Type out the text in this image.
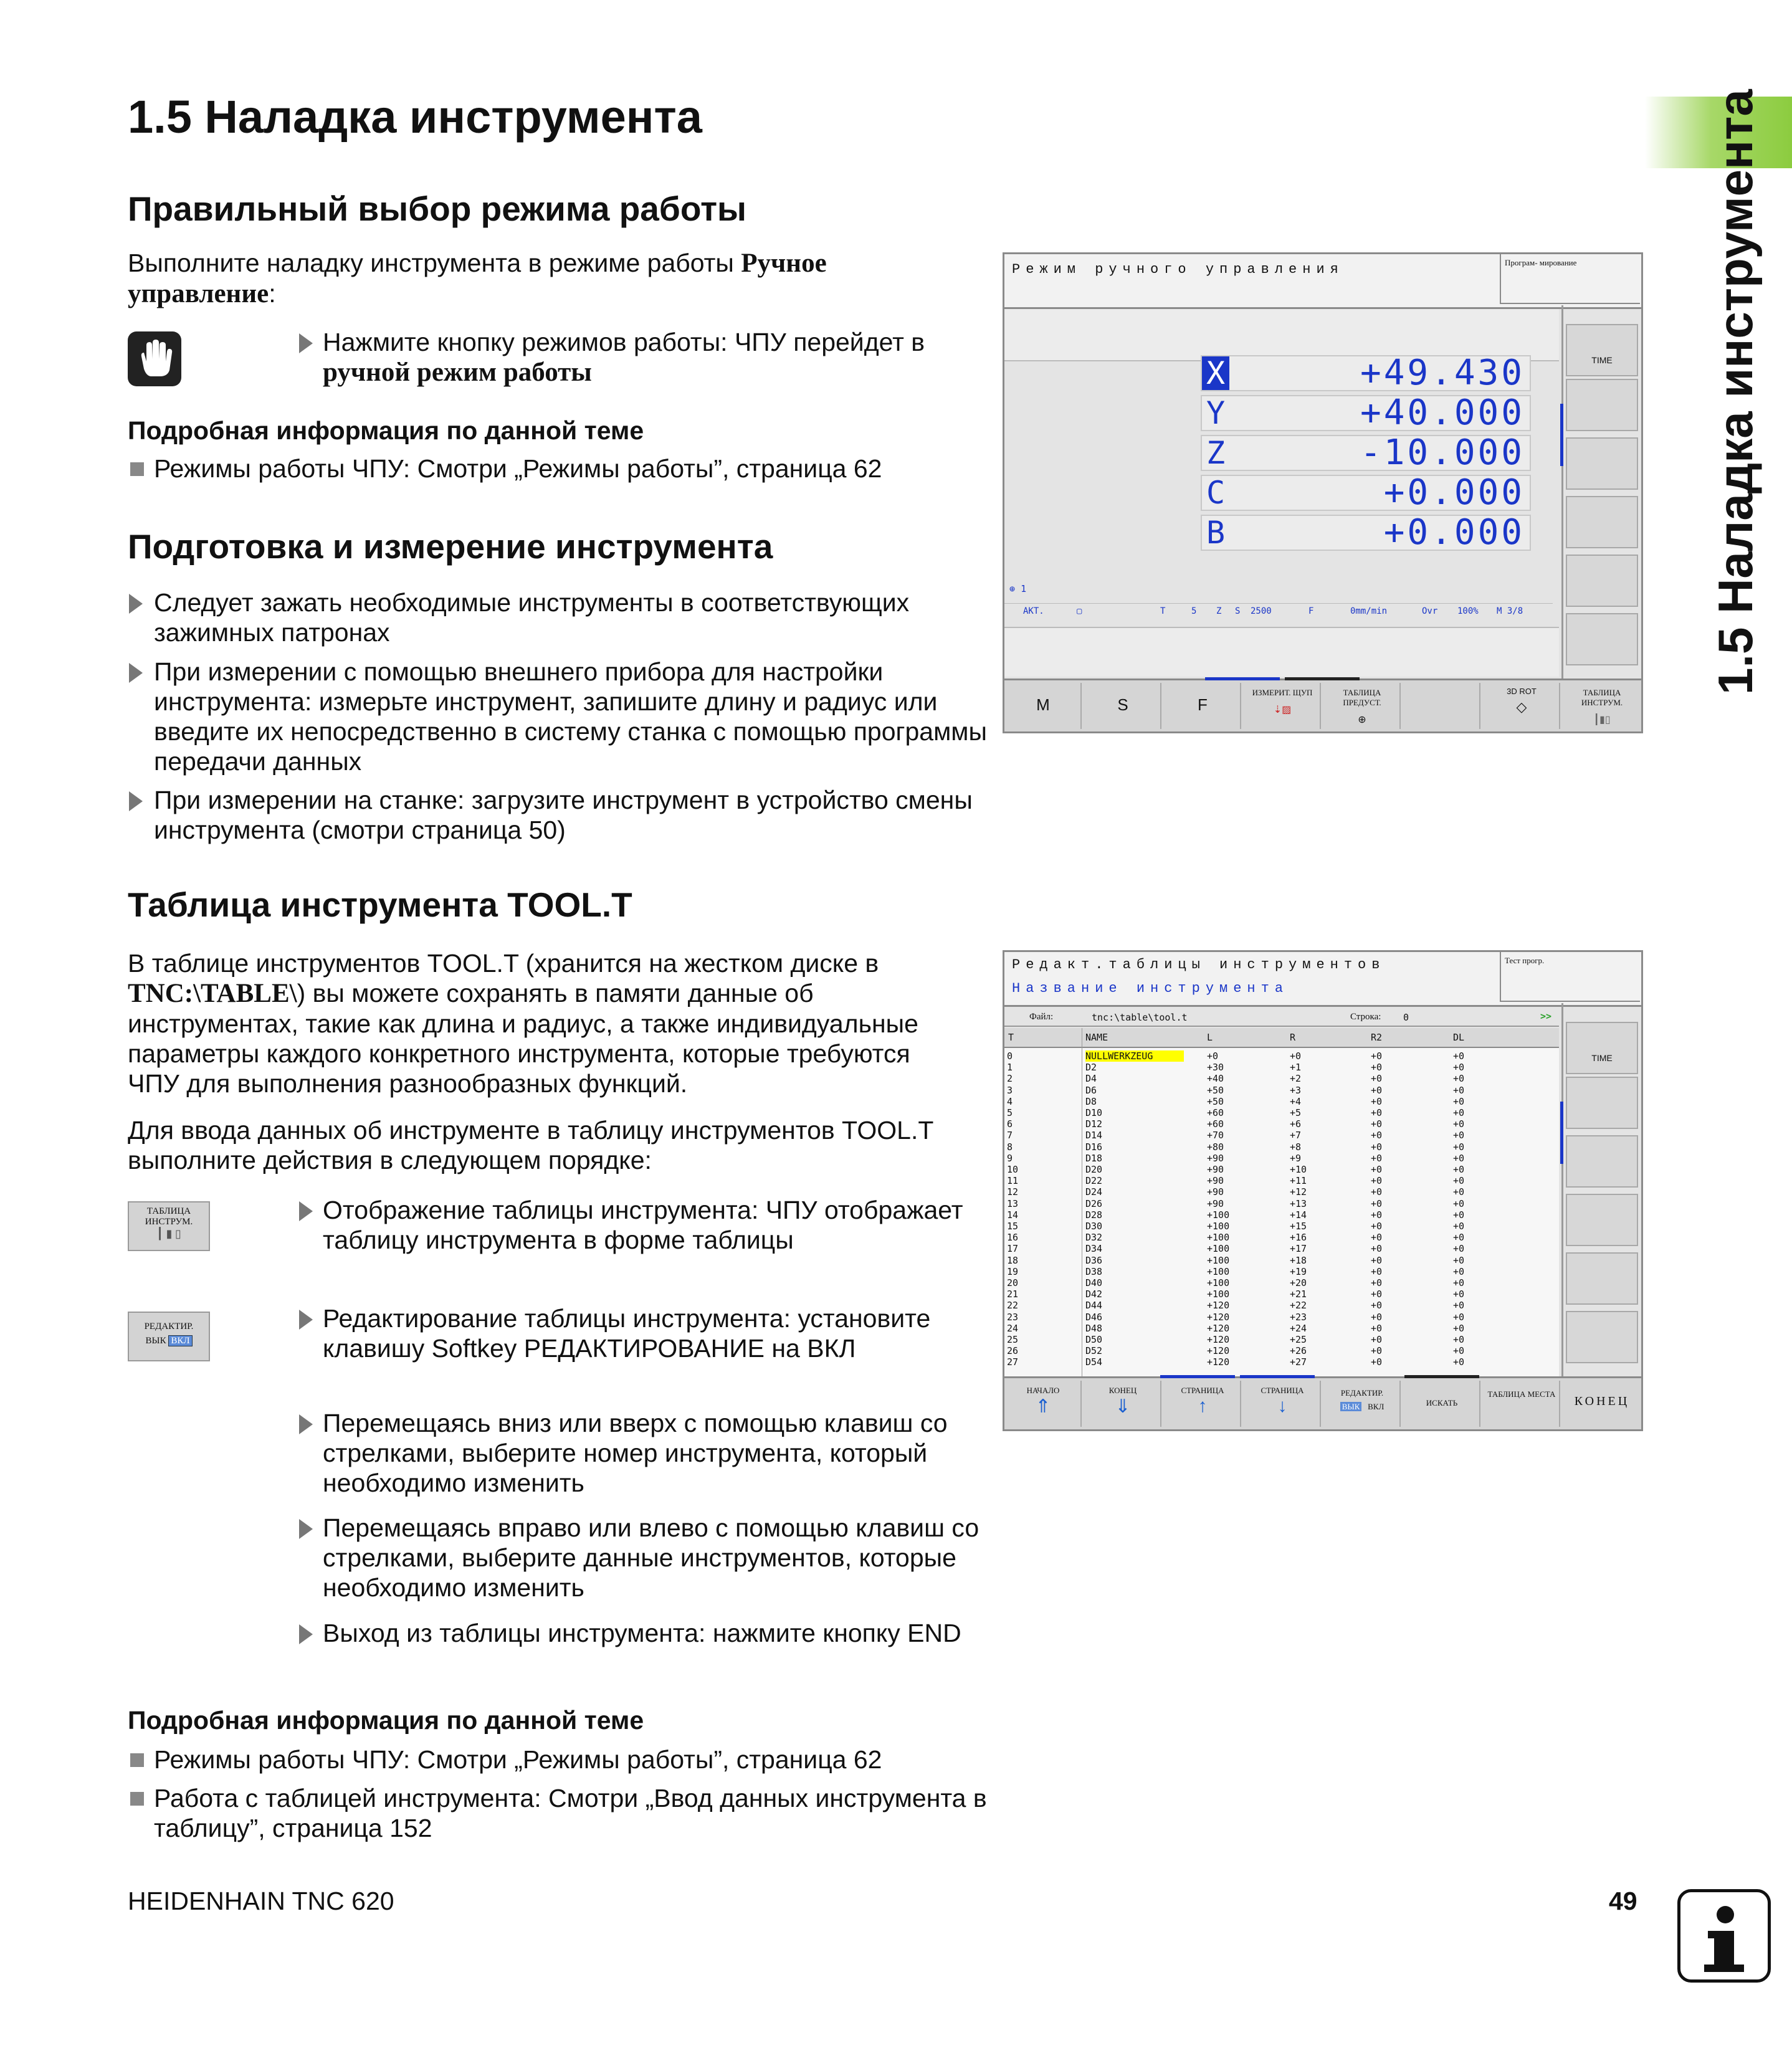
1.5 Наладка инструмента
1.5 Наладка инструмента
Правильный выбор режима работы
Выполните наладку инструмента в режиме работы Ручное управление:
Нажмите кнопку режимов работы: ЧПУ перейдет в
ручной режим работы
Подробная информация по данной теме
Режимы работы ЧПУ: Смотри „Режимы работы”, страница 62
Подготовка и измерение инструмента
Следует зажать необходимые инструменты в соответствующих зажимных патронах
При измерении с помощью внешнего прибора для настройки инструмента: измерьте инструмент, запишите длину и радиус или введите их непосредственно в систему станка с помощью программы передачи данных
При измерении на станке: загрузите инструмент в устройство смены инструмента (смотри страница 50)
Таблица инструмента TOOL.T
В таблице инструментов TOOL.T (хранится на жестком диске в TNC:\TABLE\) вы можете сохранять в памяти данные об инструментах, такие как длина и радиус, а также индивидуальные параметры каждого конкретного инструмента, которые требуются ЧПУ для выполнения разнообразных функций.
Для ввода данных об инструменте в таблицу инструментов TOOL.T выполните действия в следующем порядке:
ТАБЛИЦА
ИНСТРУМ.
┃ ▮ ▯
РЕДАКТИР.
ВЫК ВКЛ
Отображение таблицы инструмента: ЧПУ отображает таблицу инструмента в форме таблицы
Редактирование таблицы инструмента: установите клавишу Softkey РЕДАКТИРОВАНИЕ на ВКЛ
Перемещаясь вниз или вверх с помощью клавиш со стрелками, выберите номер инструмента, который необходимо изменить
Перемещаясь вправо или влево с помощью клавиш со стрелками, выберите данные инструментов, которые необходимо изменить
Выход из таблицы инструмента: нажмите кнопку END
Подробная информация по данной теме
Режимы работы ЧПУ: Смотри „Режимы работы”, страница 62
Работа с таблицей инструмента: Смотри „Ввод данных инструмента в таблицу”, страница 152
HEIDENHAIN TNC 620	49
Режим ручного управления	Програм- мирование
X	+49.430
Y	+40.000
Z	-10.000
C	+0.000
B	+0.000
⊕ 1
АКТ.	▢	T	5 Z S 2500	F	0mm/min	Ovr 100% M 3/8
TIME
M	S	F
ИЗМЕРИТ. ЩУП
⇣▨
ТАБЛИЦА ПРЕДУСТ.
⊕
3D ROT
◇
ТАБЛИЦА ИНСТРУМ.
┃▮▯
Редакт.таблицы инструментов
Название инструмента
Тест прогр.
Файл:	tnc:\table\tool.t	Строка: 0	>>
T	NAME	L	R	R2	DL
0	NULLWERKZEUG	+0	+0	+0	+0
1	D2	+30	+1	+0	+0
2	D4	+40	+2	+0	+0
3	D6	+50	+3	+0	+0
4	D8	+50	+4	+0	+0
5	D10	+60	+5	+0	+0
6	D12	+60	+6	+0	+0
7	D14	+70	+7	+0	+0
8	D16	+80	+8	+0	+0
9	D18	+90	+9	+0	+0
10	D20	+90	+10	+0	+0
11	D22	+90	+11	+0	+0
12	D24	+90	+12	+0	+0
13	D26	+90	+13	+0	+0
14	D28	+100	+14	+0	+0
15	D30	+100	+15	+0	+0
16	D32	+100	+16	+0	+0
17	D34	+100	+17	+0	+0
18	D36	+100	+18	+0	+0
19	D38	+100	+19	+0	+0
20	D40	+100	+20	+0	+0
21	D42	+100	+21	+0	+0
22	D44	+120	+22	+0	+0
23	D46	+120	+23	+0	+0
24	D48	+120	+24	+0	+0
25	D50	+120	+25	+0	+0
26	D52	+120	+26	+0	+0
27	D54	+120	+27	+0	+0
TIME
НАЧАЛО
⇑
КОНЕЦ
⇓
СТРАНИЦА
↑
СТРАНИЦА
↓
РЕДАКТИР.
ВЫК ВКЛ	ИСКАТЬ
ТАБЛИЦА МЕСТА
КОНЕЦ
